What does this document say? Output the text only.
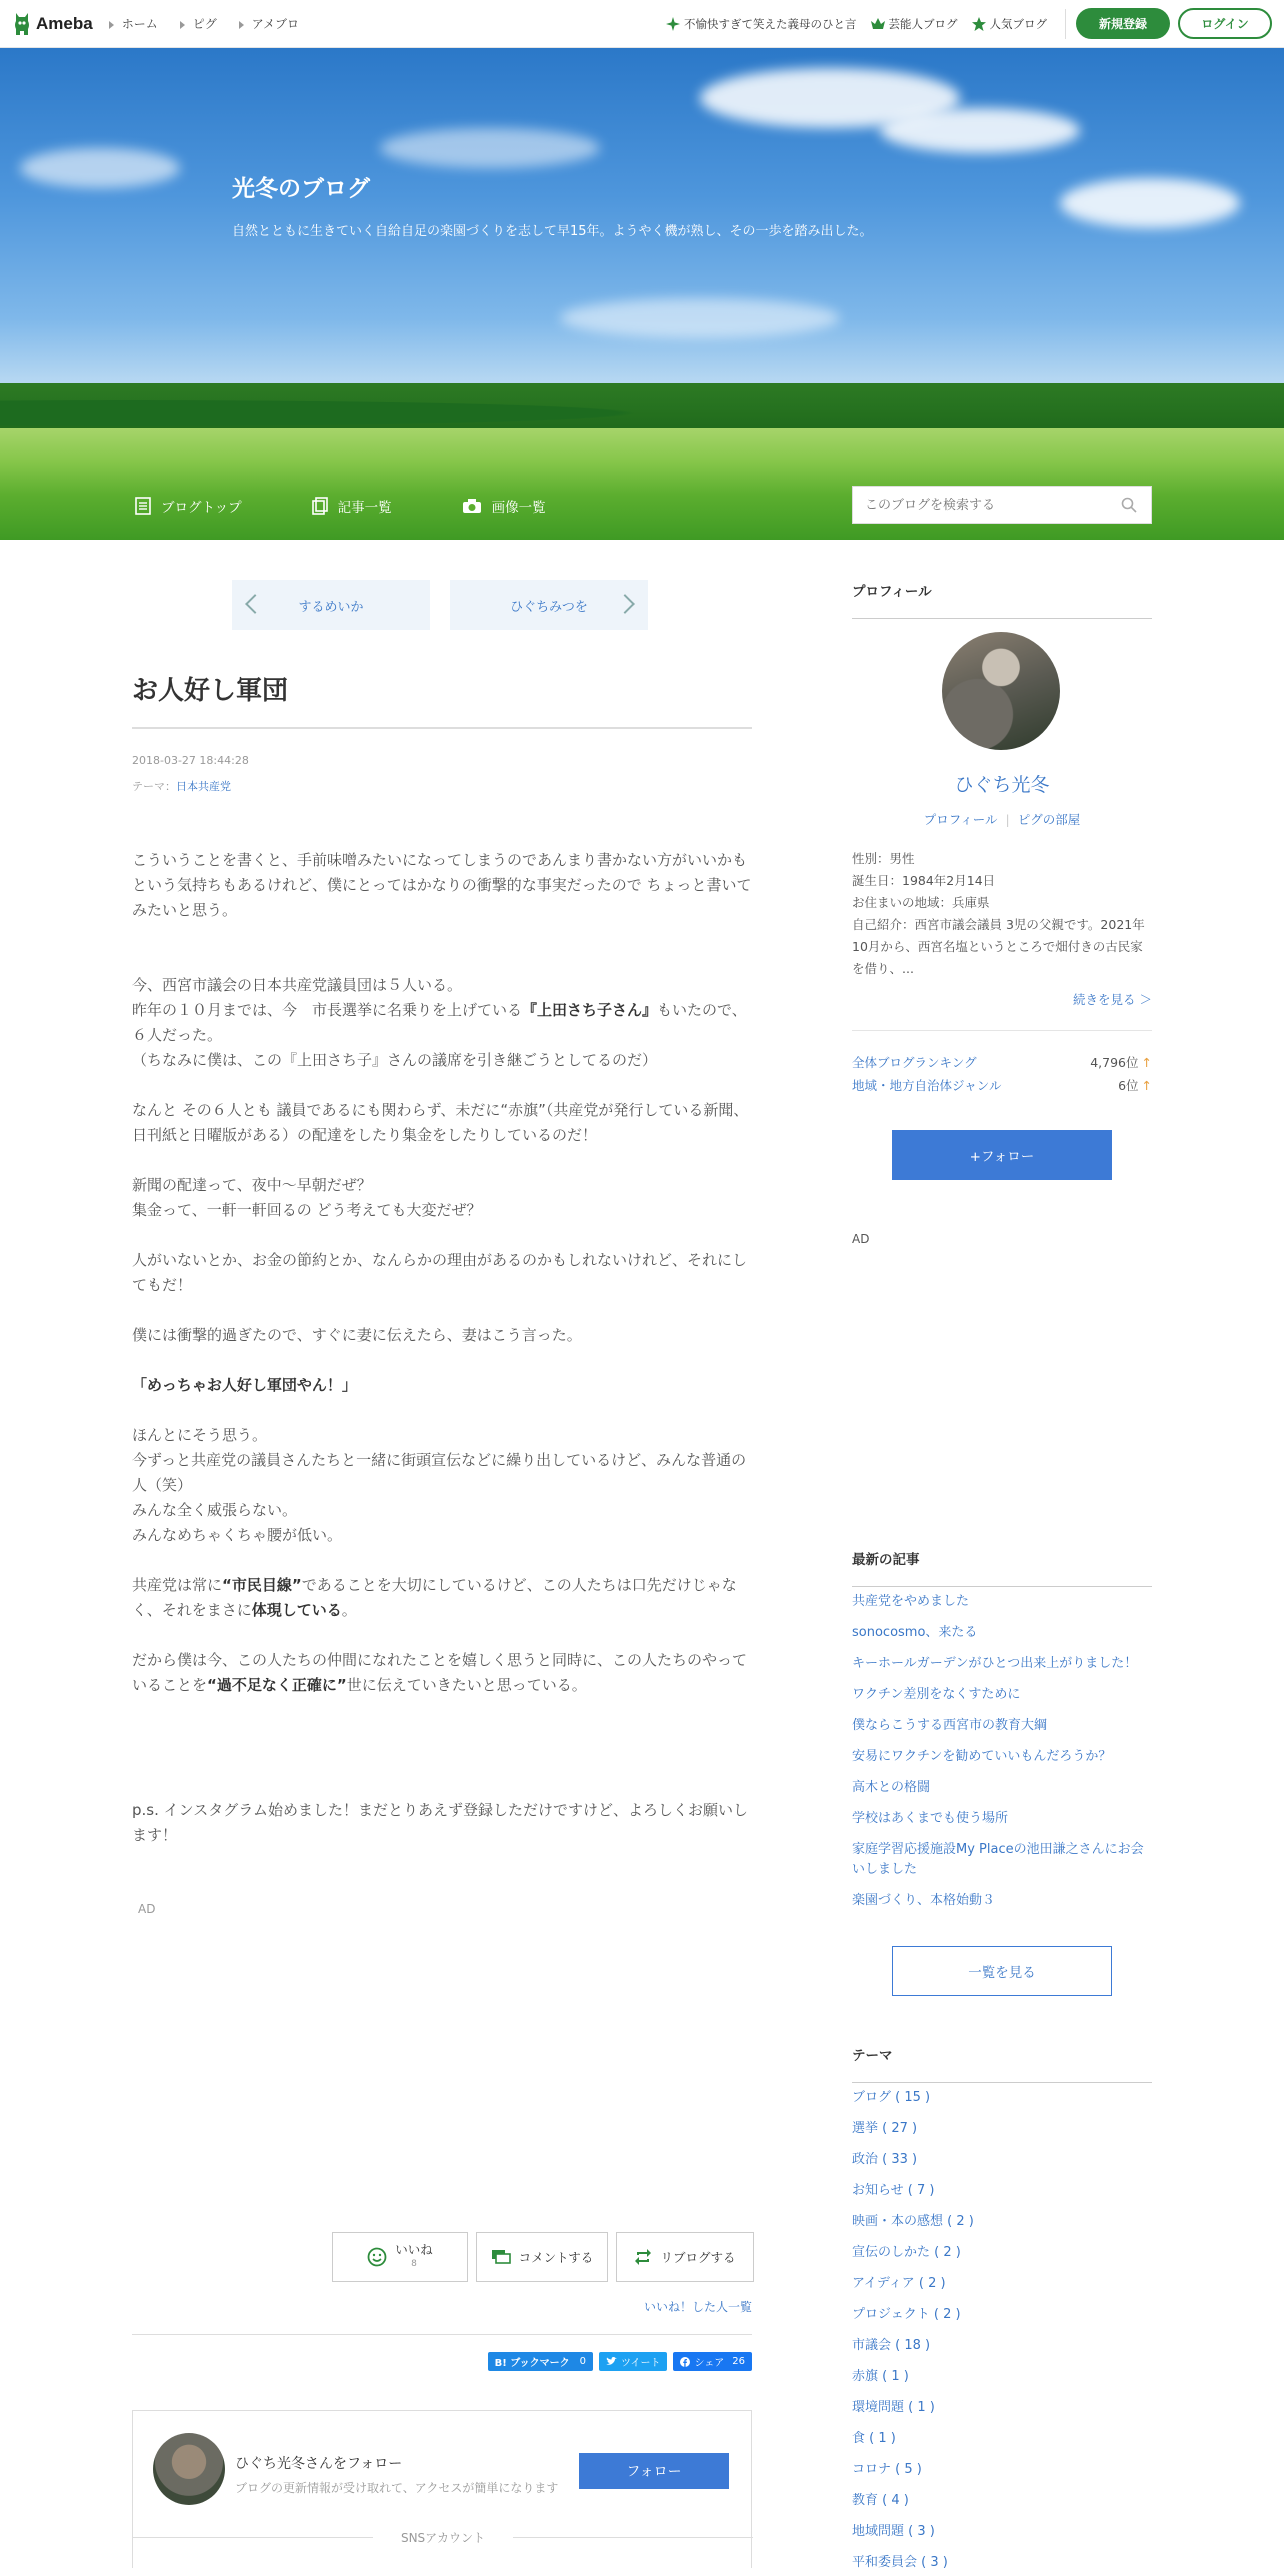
Ameba	ホーム	ピグ	アメブロ	不愉快すぎて笑えた義母のひと言	芸能人ブログ	人気ブログ	新規登録	ログイン
光冬のブログ
自然とともに生きていく自給自足の楽園づくりを志して早15年。ようやく機が熟し、その一歩を踏み出した。
ブログトップ	記事一覧	画像一覧
このブログを検索する
するめいか	ひぐちみつを
お人好し軍団
2018-03-27 18:44:28
テーマ：日本共産党

こういうことを書くと、手前味噌みたいになってしまうのであんまり書かない方がいいかもという気持ちもあるけれど、僕にとってはかなりの衝撃的な事実だったので ちょっと書いてみたいと思う。

今、西宮市議会の日本共産党議員団は５人いる。
昨年の１０月までは、今　市長選挙に名乗りを上げている『上田さち子さん』もいたので、６人だった。
（ちなみに僕は、この『上田さち子』さんの議席を引き継ごうとしてるのだ）

なんと その６人とも 議員であるにも関わらず、未だに“赤旗”（共産党が発行している新聞、日刊紙と日曜版がある）の配達をしたり集金をしたりしているのだ！

新聞の配達って、夜中～早朝だぜ？
集金って、一軒一軒回るの どう考えても大変だぜ？

人がいないとか、お金の節約とか、なんらかの理由があるのかもしれないけれど、それにしてもだ！

僕には衝撃的過ぎたので、すぐに妻に伝えたら、妻はこう言った。

「めっちゃお人好し軍団やん！」

ほんとにそう思う。
今ずっと共産党の議員さんたちと一緒に街頭宣伝などに繰り出しているけど、みんな普通の人（笑）
みんな全く威張らない。
みんなめちゃくちゃ腰が低い。

共産党は常に“市民目線”であることを大切にしているけど、この人たちは口先だけじゃなく、それをまさに体現している。

だから僕は今、この人たちの仲間になれたことを嬉しく思うと同時に、この人たちのやっていることを“過不足なく正確に”世に伝えていきたいと思っている。

p.s. インスタグラム始めました！まだとりあえず登録しただけですけど、よろしくお願いします！

AD
いいね
8	コメントする	リブログする
いいね！した人一覧
B! ブックマーク 0	ツイート	シェア 26
ひぐち光冬さんをフォロー
ブログの更新情報が受け取れて、アクセスが簡単になります
フォロー
SNSアカウント
プロフィール
ひぐち光冬
プロフィール | ピグの部屋
性別：男性
誕生日：1984年2月14日
お住まいの地域：兵庫県
自己紹介：西宮市議会議員 3児の父親です。2021年10月から、西宮名塩というところで畑付きの古民家を借り、...
続きを見る ＞
全体ブログランキング	4,796位 ↑
地域・地方自治体ジャンル	6位 ↑
+フォロー
AD
最新の記事
共産党をやめました
sonocosmo、来たる
キーホールガーデンがひとつ出来上がりました！
ワクチン差別をなくすために
僕ならこうする西宮市の教育大綱
安易にワクチンを勧めていいもんだろうか？
高木との格闘
学校はあくまでも使う場所
家庭学習応援施設My Placeの池田謙之さんにお会いしました
楽園づくり、本格始動３
一覧を見る
テーマ
ブログ ( 15 )
選挙 ( 27 )
政治 ( 33 )
お知らせ ( 7 )
映画・本の感想 ( 2 )
宣伝のしかた ( 2 )
アイディア ( 2 )
プロジェクト ( 2 )
市議会 ( 18 )
赤旗 ( 1 )
環境問題 ( 1 )
食 ( 1 )
コロナ ( 5 )
教育 ( 4 )
地域問題 ( 3 )
平和委員会 ( 3 )
